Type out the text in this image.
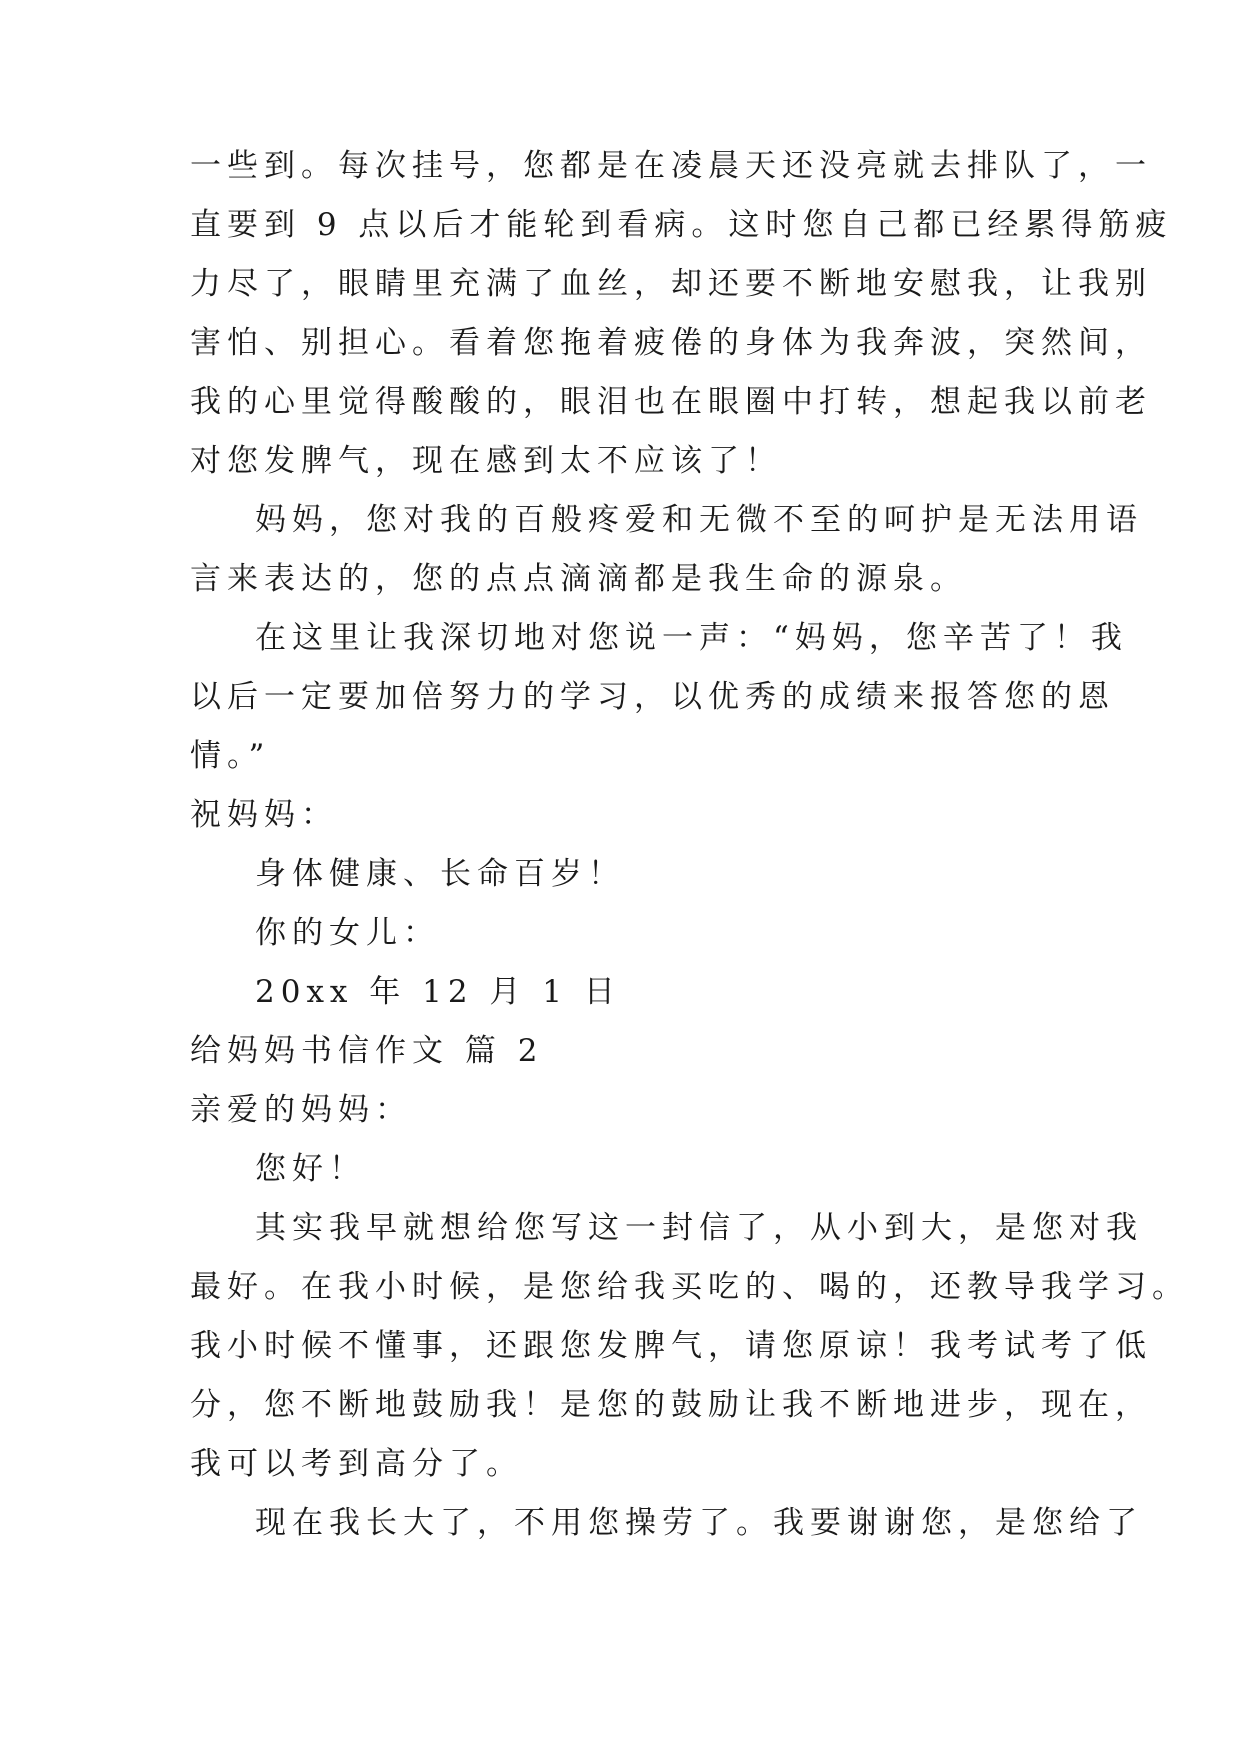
一些到。每次挂号，您都是在凌晨天还没亮就去排队了，一
直要到 9 点以后才能轮到看病。这时您自己都已经累得筋疲
力尽了，眼睛里充满了血丝，却还要不断地安慰我，让我别
害怕、别担心。看着您拖着疲倦的身体为我奔波，突然间，
我的心里觉得酸酸的，眼泪也在眼圈中打转，想起我以前老
对您发脾气，现在感到太不应该了！
妈妈，您对我的百般疼爱和无微不至的呵护是无法用语
言来表达的，您的点点滴滴都是我生命的源泉。
在这里让我深切地对您说一声：“妈妈，您辛苦了！我
以后一定要加倍努力的学习，以优秀的成绩来报答您的恩
情。”
祝妈妈：
身体健康、长命百岁！
你的女儿：
20xx 年 12 月 1 日
给妈妈书信作文 篇 2
亲爱的妈妈：
您好！
其实我早就想给您写这一封信了，从小到大，是您对我
最好。在我小时候，是您给我买吃的、喝的，还教导我学习。
我小时候不懂事，还跟您发脾气，请您原谅！我考试考了低
分，您不断地鼓励我！是您的鼓励让我不断地进步，现在，
我可以考到高分了。
现在我长大了，不用您操劳了。我要谢谢您，是您给了
